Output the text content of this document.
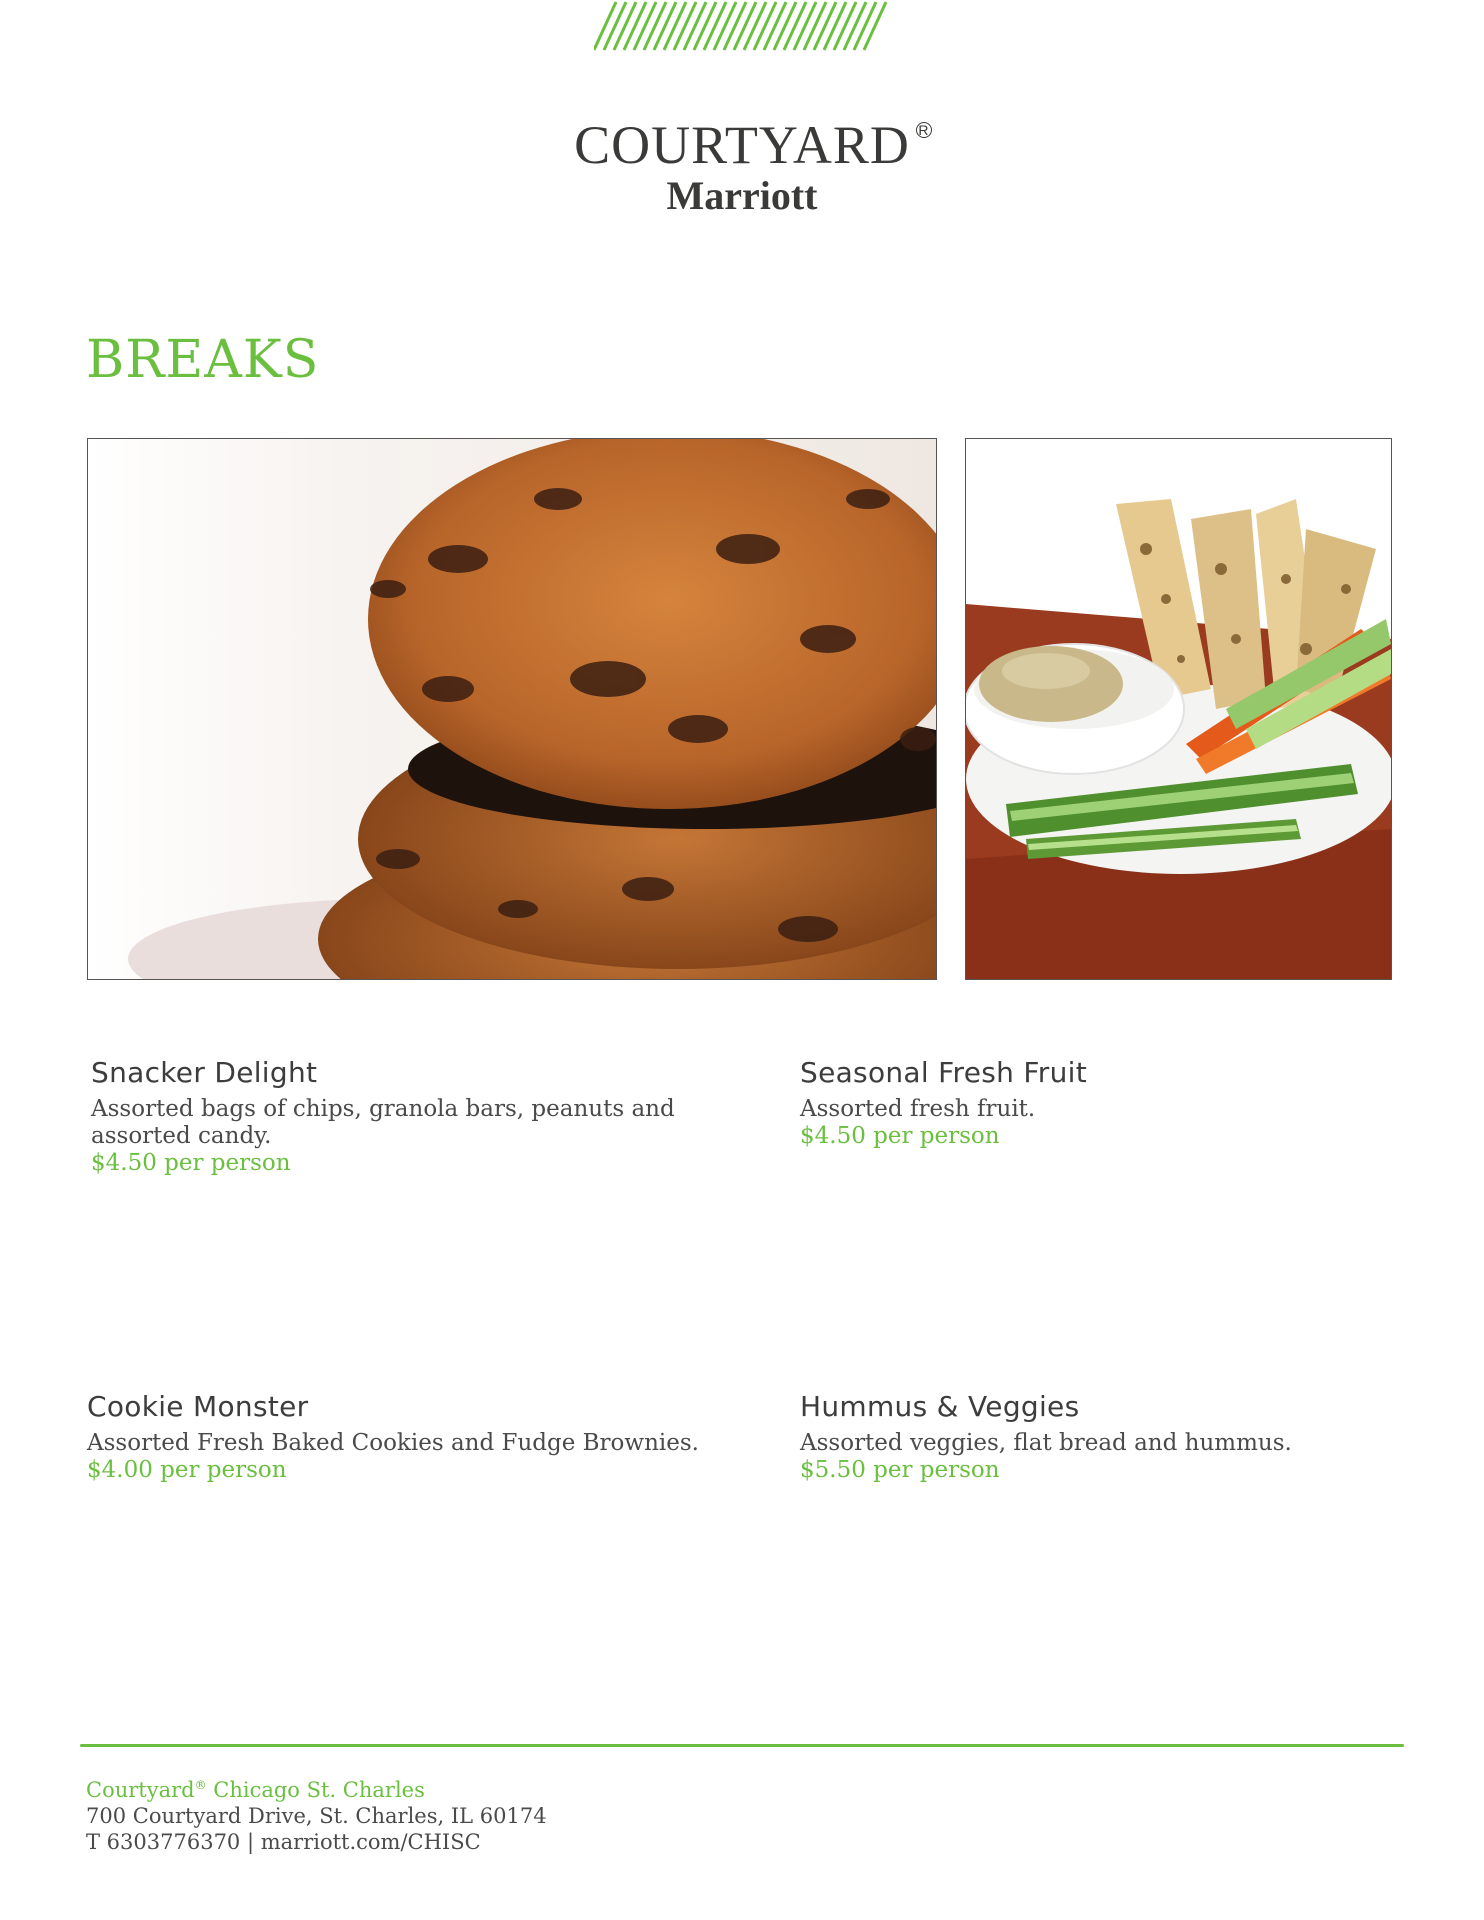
COURTYARD R
Marriott
BREAKS
Snacker Delight

Assorted bags of chips, granola bars, peanuts and assorted candy.

$4.50 per person

Seasonal Fresh Fruit

Assorted fresh fruit.

$4.50 per person

Cookie Monster

Assorted Fresh Baked Cookies and Fudge Brownies.

$4.00 per person

Hummus & Veggies

Assorted veggies, flat bread and hummus.

$5.50 per person

Courtyard® Chicago St. Charles
700 Courtyard Drive, St. Charles, IL 60174
T 6303776370 | marriott.com/CHISC
